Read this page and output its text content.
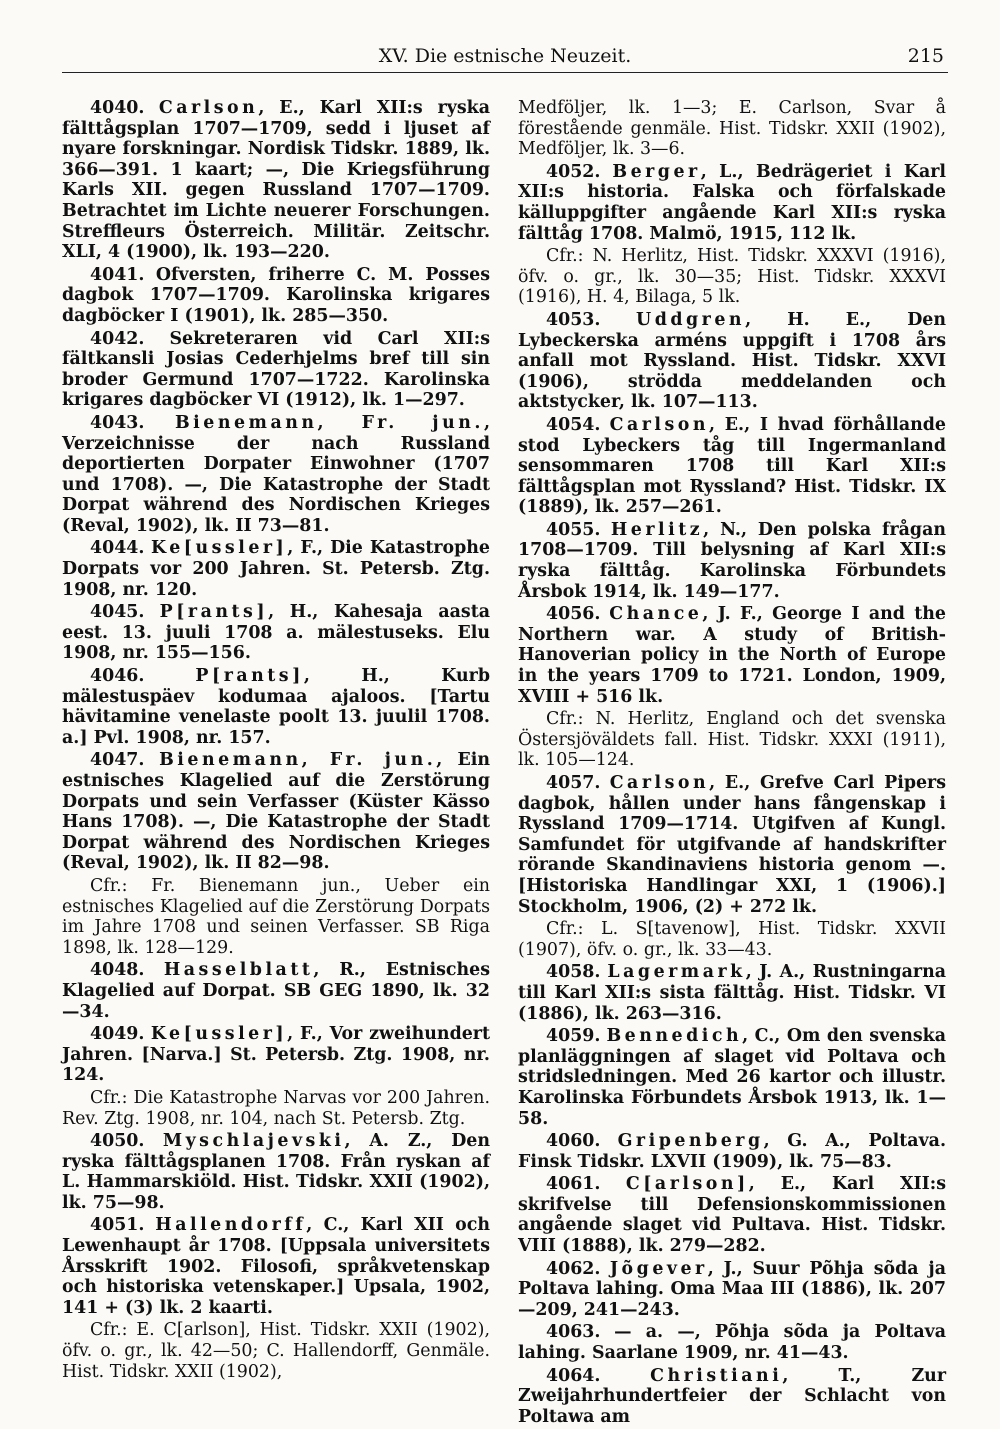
XV. Die estnische Neuzeit.	215

4040. Carlson, E., Karl XII:s ryska fälttågsplan 1707—1709, sedd i ljuset af nyare forskningar. Nordisk Tidskr. 1889, lk. 366—391. 1 kaart; —, Die Kriegsführung Karls XII. gegen Russland 1707—1709. Betrachtet im Lichte neuerer Forschungen. Streffleurs Österreich. Militär. Zeitschr. XLI, 4 (1900), lk. 193—220.

4041. Ofversten, friherre C. M. Posses dagbok 1707—1709. Karolinska krigares dagböcker I (1901), lk. 285—350.

4042. Sekreteraren vid Carl XII:s fältkansli Josias Cederhjelms bref till sin broder Germund 1707—1722. Karolinska krigares dagböcker VI (1912), lk. 1—297.

4043. Bienemann, Fr. jun., Verzeichnisse der nach Russland deportierten Dorpater Einwohner (1707 und 1708). —, Die Katastrophe der Stadt Dorpat während des Nordischen Krieges (Reval, 1902), lk. II 73—81.

4044. Ke[ussler], F., Die Katastrophe Dorpats vor 200 Jahren. St. Petersb. Ztg. 1908, nr. 120.

4045. P[rants], H., Kahesaja aasta eest. 13. juuli 1708 a. mälestuseks. Elu 1908, nr. 155—156.

4046.	P[rants], H., Kurb mälestuspäev kodumaa ajaloos. [Tartu hävitamine venelaste poolt 13. juulil 1708. a.] Pvl. 1908, nr. 157.

4047. Bienemann, Fr. jun., Ein estnisches Klagelied auf die Zerstörung Dorpats und sein Verfasser (Küster Kässo Hans 1708). —, Die Katastrophe der Stadt Dorpat während des Nordischen Krieges (Reval, 1902), lk. II 82—98.

Cfr.: Fr. Bienemann jun., Ueber ein estnisches Klagelied auf die Zerstörung Dorpats im Jahre 1708 und seinen Verfasser. SB Riga 1898, lk. 128—129.

4048. Hasselblatt, R., Estnisches Klagelied auf Dorpat. SB GEG 1890, lk. 32—34.

4049. Ke[ussler], F., Vor zweihundert Jahren. [Narva.] St. Petersb. Ztg. 1908, nr. 124.

Cfr.: Die Katastrophe Narvas vor 200 Jahren. Rev. Ztg. 1908, nr. 104, nach St. Petersb. Ztg.

4050. Myschlajevski, A. Z., Den ryska fälttågsplanen 1708. Från ryskan af L. Hammarskiöld. Hist. Tidskr. XXII (1902), lk. 75—98.

4051. Hallendorff, C., Karl XII och Lewenhaupt år 1708. [Uppsala universitets Årsskrift 1902. Filosofi, språkvetenskap och historiska vetenskaper.] Upsala, 1902, 141 + (3) lk. 2 kaarti.

Cfr.: E. C[arlson], Hist. Tidskr. XXII (1902), öfv. o. gr., lk. 42—50; C. Hallendorff, Genmäle. Hist. Tidskr. XXII (1902),

Medföljer, lk. 1—3; E. Carlson, Svar å förestående genmäle. Hist. Tidskr. XXII (1902), Medföljer, lk. 3—6.

4052. Berger, L., Bedrägeriet i Karl XII:s historia. Falska och förfalskade källuppgifter angående Karl XII:s ryska fälttåg 1708. Malmö, 1915, 112 lk.

Cfr.: N. Herlitz, Hist. Tidskr. XXXVI (1916), öfv. o. gr., lk. 30—35; Hist. Tidskr. XXXVI (1916), H. 4, Bilaga, 5 lk.

4053. Uddgren, H. E., Den Lybeckerska arméns uppgift i 1708 års anfall mot Ryssland. Hist. Tidskr. XXVI (1906), strödda meddelanden och aktstycker, lk. 107—113.

4054. Carlson, E., I hvad förhållande stod Lybeckers tåg till Ingermanland sensommaren 1708 till Karl XII:s fälttågsplan mot Ryssland? Hist. Tidskr. IX (1889), lk. 257—261.

4055. Herlitz, N., Den polska frågan 1708—1709. Till belysning af Karl XII:s ryska fälttåg. Karolinska Förbundets Årsbok 1914, lk. 149—177.

4056. Chance, J. F., George I and the Northern war. A study of British-Hanoverian policy in the North of Europe in the years 1709 to 1721. London, 1909, XVIII + 516 lk.

Cfr.: N. Herlitz, England och det svenska Östersjöväldets fall. Hist. Tidskr. XXXI (1911), lk. 105—124.

4057. Carlson, E., Grefve Carl Pipers dagbok, hållen under hans fångenskap i Ryssland 1709—1714. Utgifven af Kungl. Samfundet för utgifvande af handskrifter rörande Skandinaviens historia genom —. [Historiska Handlingar XXI, 1 (1906).] Stockholm, 1906, (2) + 272 lk.

Cfr.: L. S[tavenow], Hist. Tidskr. XXVII (1907), öfv. o. gr., lk. 33—43.

4058. Lagermark, J. A., Rustningarna till Karl XII:s sista fälttåg. Hist. Tidskr. VI (1886), lk. 263—316.

4059. Bennedich, C., Om den svenska planläggningen af slaget vid Poltava och stridsledningen. Med 26 kartor och illustr. Karolinska Förbundets Årsbok 1913, lk. 1—58.

4060. Gripenberg, G. A., Poltava. Finsk Tidskr. LXVII (1909), lk. 75—83.

4061. C[arlson], E., Karl XII:s skrifvelse till Defensionskommissionen angående slaget vid Pultava. Hist. Tidskr. VIII (1888), lk. 279—282.

4062. Jõgever, J., Suur Põhja sõda ja Poltava lahing. Oma Maa III (1886), lk. 207—209, 241—243.

4063. — a. —, Põhja sõda ja Poltava lahing. Saarlane 1909, nr. 41—43.

4064.	Christiani, T., Zur Zweijahrhundertfeier der Schlacht von Poltawa am
